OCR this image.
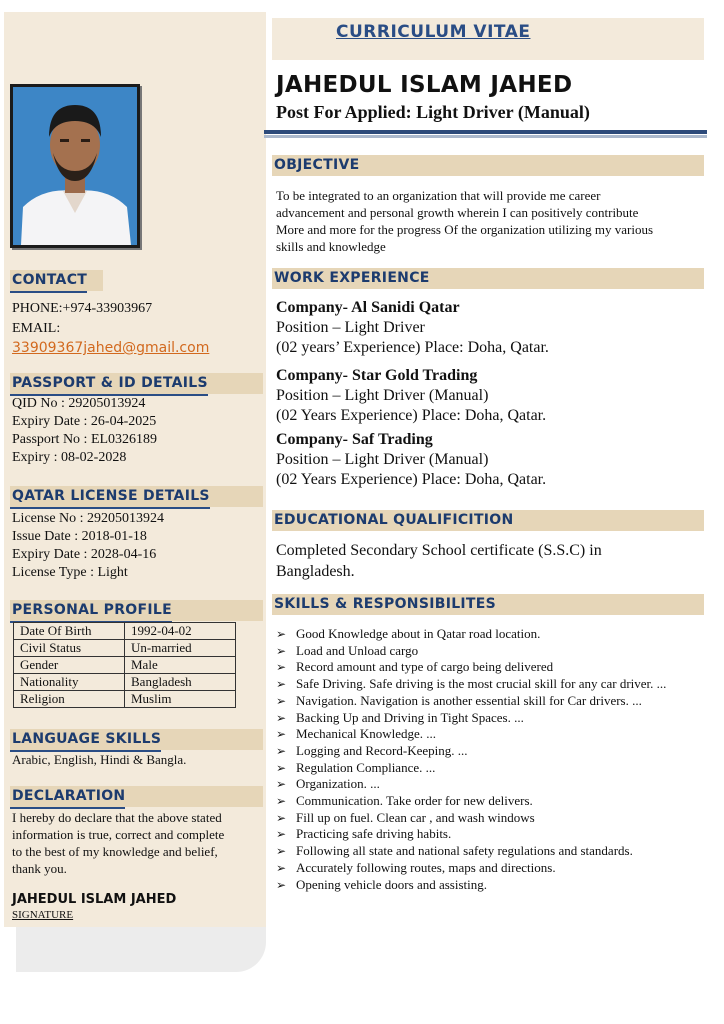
CONTACT
PHONE:+974-33903967
EMAIL:
33909367jahed@gmail.com
PASSPORT & ID DETAILS
QID No : 29205013924
Expiry Date : 26-04-2025
Passport No : EL0326189
Expiry : 08-02-2028
QATAR LICENSE DETAILS
License No : 29205013924
Issue Date : 2018-01-18
Expiry Date : 2028-04-16
License Type : Light
PERSONAL PROFILE
Date Of Birth	1992-04-02
Civil Status	Un-married
Gender	Male
Nationality	Bangladesh
Religion	Muslim
LANGUAGE SKILLS
Arabic, English, Hindi & Bangla.
DECLARATION
I hereby do declare that the above stated
information is true, correct and complete
to the best of my knowledge and belief,
thank you.
JAHEDUL ISLAM JAHED
SIGNATURE
CURRICULUM VITAE
JAHEDUL ISLAM JAHED
Post For Applied: Light Driver (Manual)
OBJECTIVE
To be integrated to an organization that will provide me career
advancement and personal growth wherein I can positively contribute
More and more for the progress Of the organization utilizing my various
skills and knowledge
WORK EXPERIENCE
Company- Al Sanidi Qatar
Position – Light Driver
(02 years’ Experience) Place: Doha, Qatar.
Company- Star Gold Trading
Position – Light Driver (Manual)
(02 Years Experience) Place: Doha, Qatar.
Company- Saf Trading
Position – Light Driver (Manual)
(02 Years Experience) Place: Doha, Qatar.
EDUCATIONAL QUALIFICITION
Completed Secondary School certificate (S.S.C) in
Bangladesh.
SKILLS & RESPONSIBILITES
➢ Good Knowledge about in Qatar road location.
➢ Load and Unload cargo
➢ Record amount and type of cargo being delivered
➢ Safe Driving. Safe driving is the most crucial skill for any car driver. ...
➢ Navigation. Navigation is another essential skill for Car drivers. ...
➢ Backing Up and Driving in Tight Spaces. ...
➢ Mechanical Knowledge. ...
➢ Logging and Record-Keeping. ...
➢ Regulation Compliance. ...
➢ Organization. ...
➢ Communication. Take order for new delivers.
➢ Fill up on fuel. Clean car , and wash windows
➢ Practicing safe driving habits.
➢ Following all state and national safety regulations and standards.
➢ Accurately following routes, maps and directions.
➢ Opening vehicle doors and assisting.
